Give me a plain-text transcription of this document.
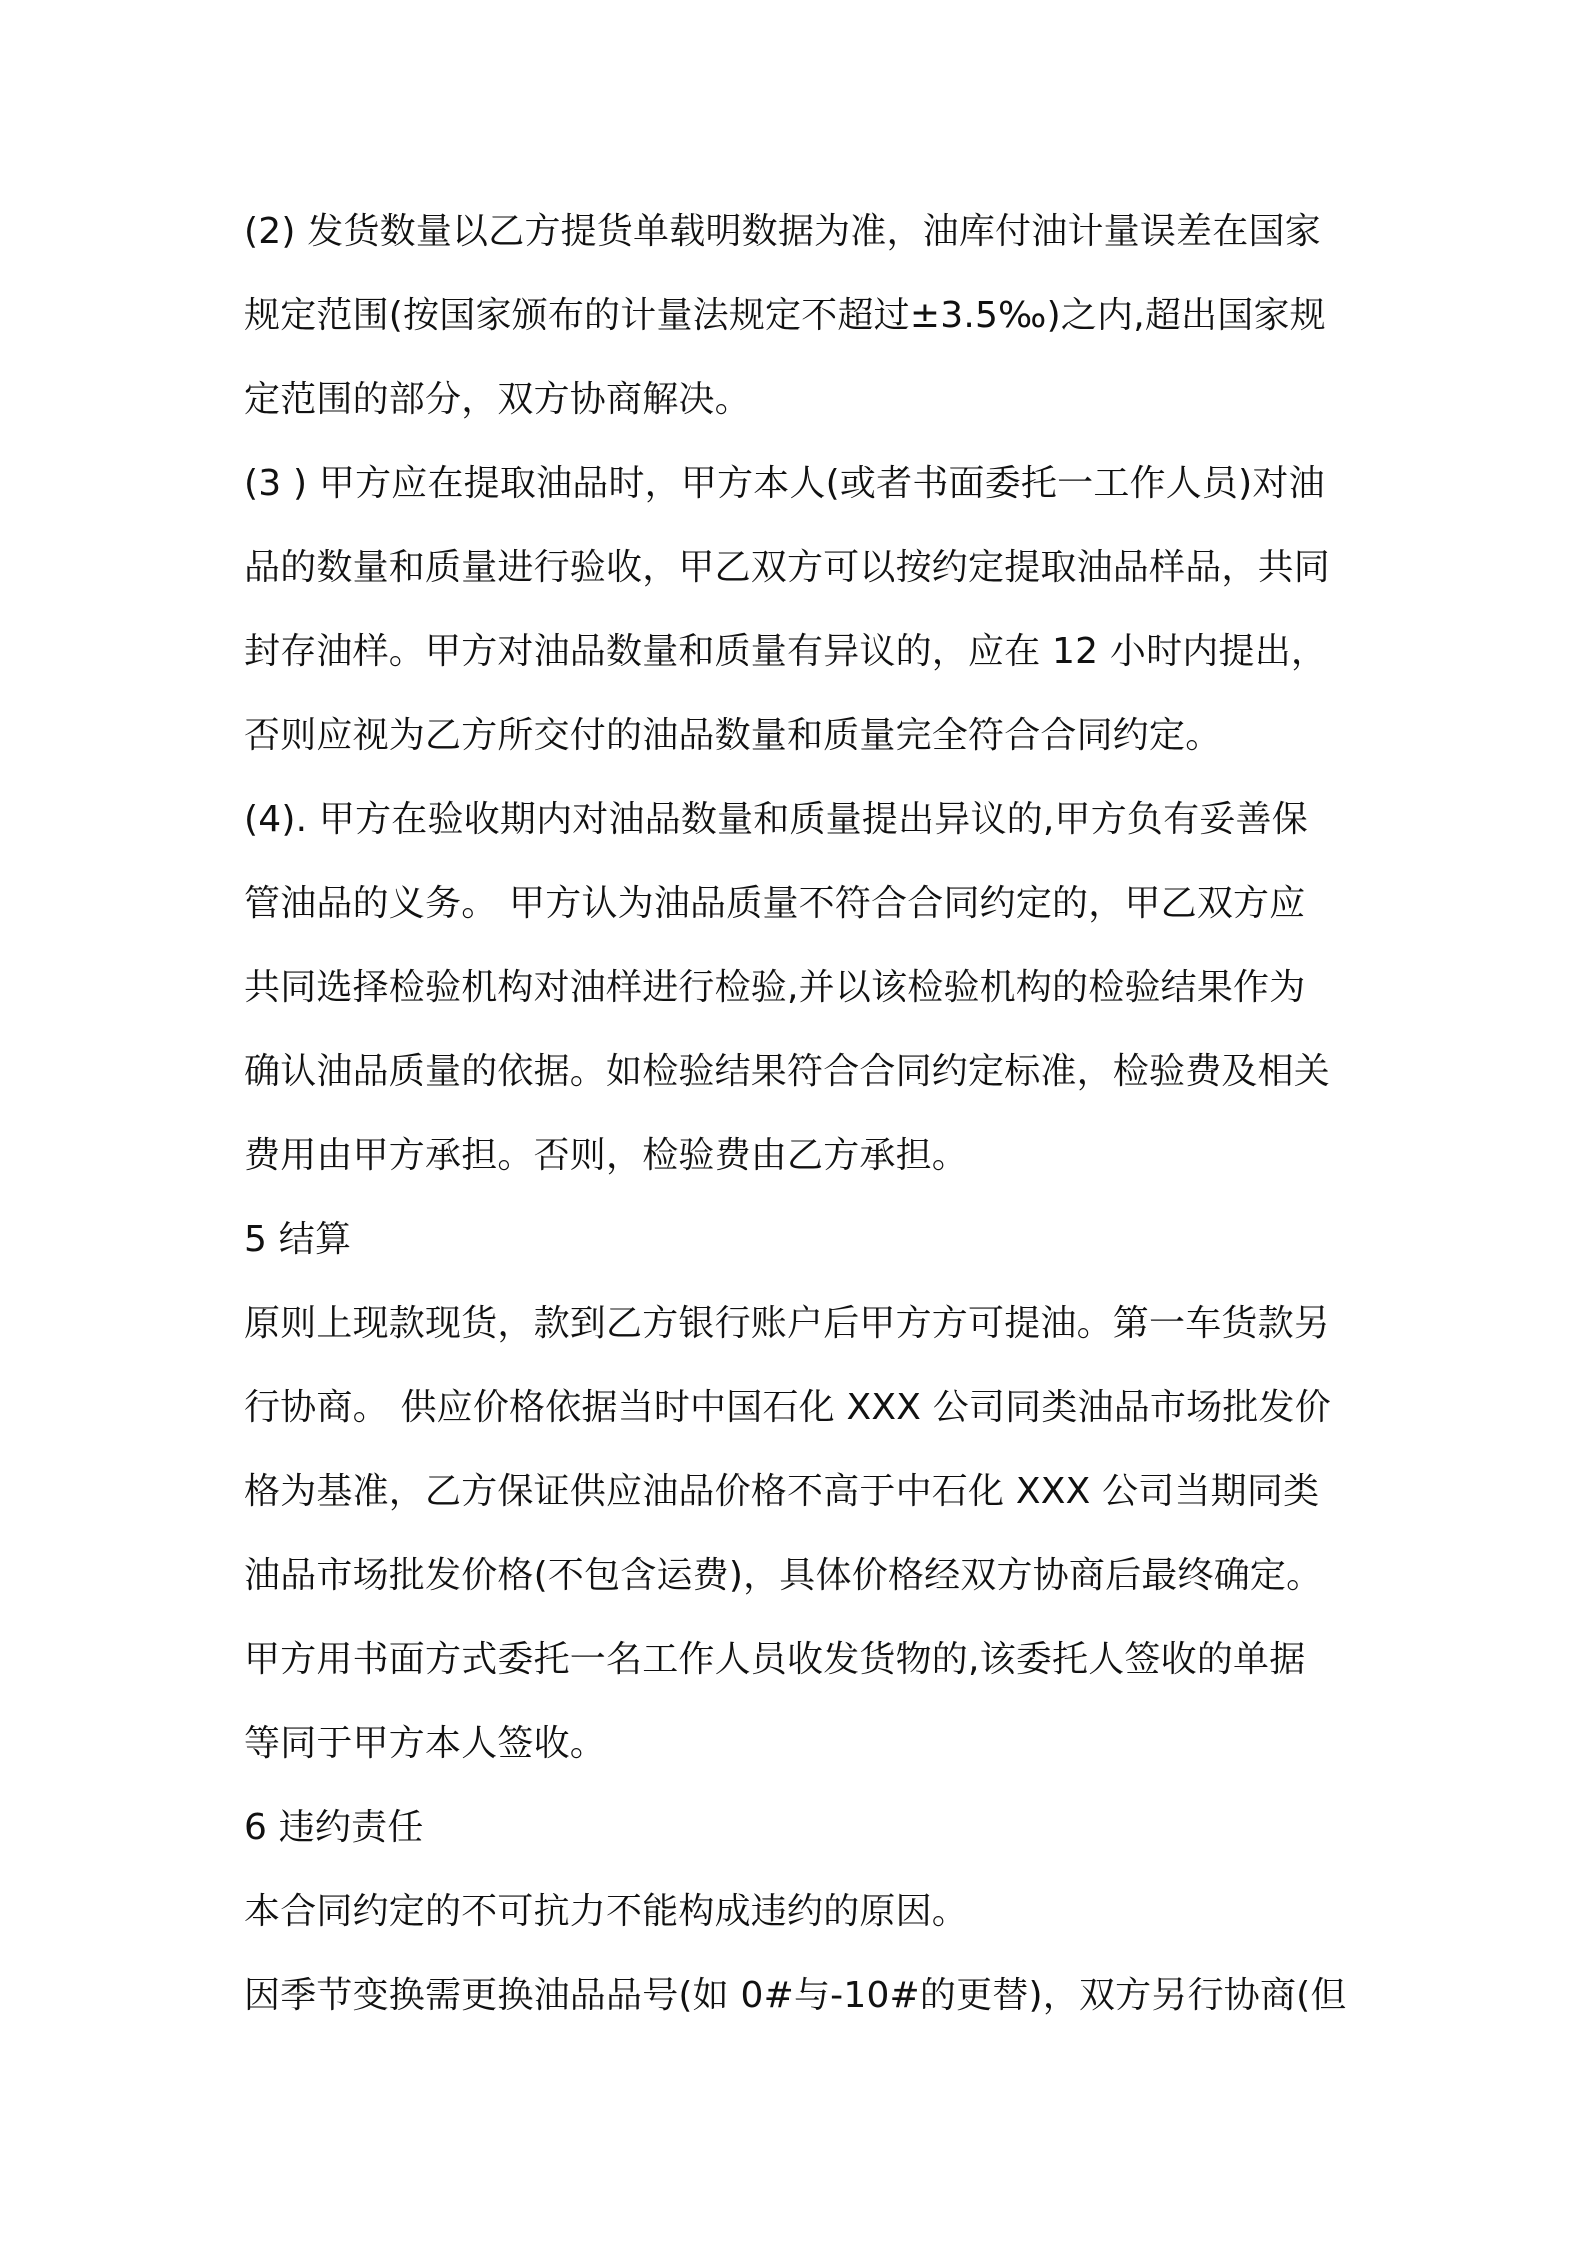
(2) 发货数量以乙方提货单载明数据为准，油库付油计量误差在国家
规定范围(按国家颁布的计量法规定不超过±3.5‰)之内,超出国家规
定范围的部分，双方协商解决。
(3 ) 甲方应在提取油品时，甲方本人(或者书面委托一工作人员)对油
品的数量和质量进行验收，甲乙双方可以按约定提取油品样品，共同
封存油样。甲方对油品数量和质量有异议的，应在 12 小时内提出，
否则应视为乙方所交付的油品数量和质量完全符合合同约定。
(4). 甲方在验收期内对油品数量和质量提出异议的,甲方负有妥善保
管油品的义务。 甲方认为油品质量不符合合同约定的，甲乙双方应
共同选择检验机构对油样进行检验,并以该检验机构的检验结果作为
确认油品质量的依据。如检验结果符合合同约定标准，检验费及相关
费用由甲方承担。否则，检验费由乙方承担。
5 结算
原则上现款现货，款到乙方银行账户后甲方方可提油。第一车货款另
行协商。 供应价格依据当时中国石化 XXX 公司同类油品市场批发价
格为基准，乙方保证供应油品价格不高于中石化 XXX 公司当期同类
油品市场批发价格(不包含运费)，具体价格经双方协商后最终确定。
甲方用书面方式委托一名工作人员收发货物的,该委托人签收的单据
等同于甲方本人签收。
6 违约责任
本合同约定的不可抗力不能构成违约的原因。
因季节变换需更换油品品号(如 0#与-10#的更替)，双方另行协商(但
